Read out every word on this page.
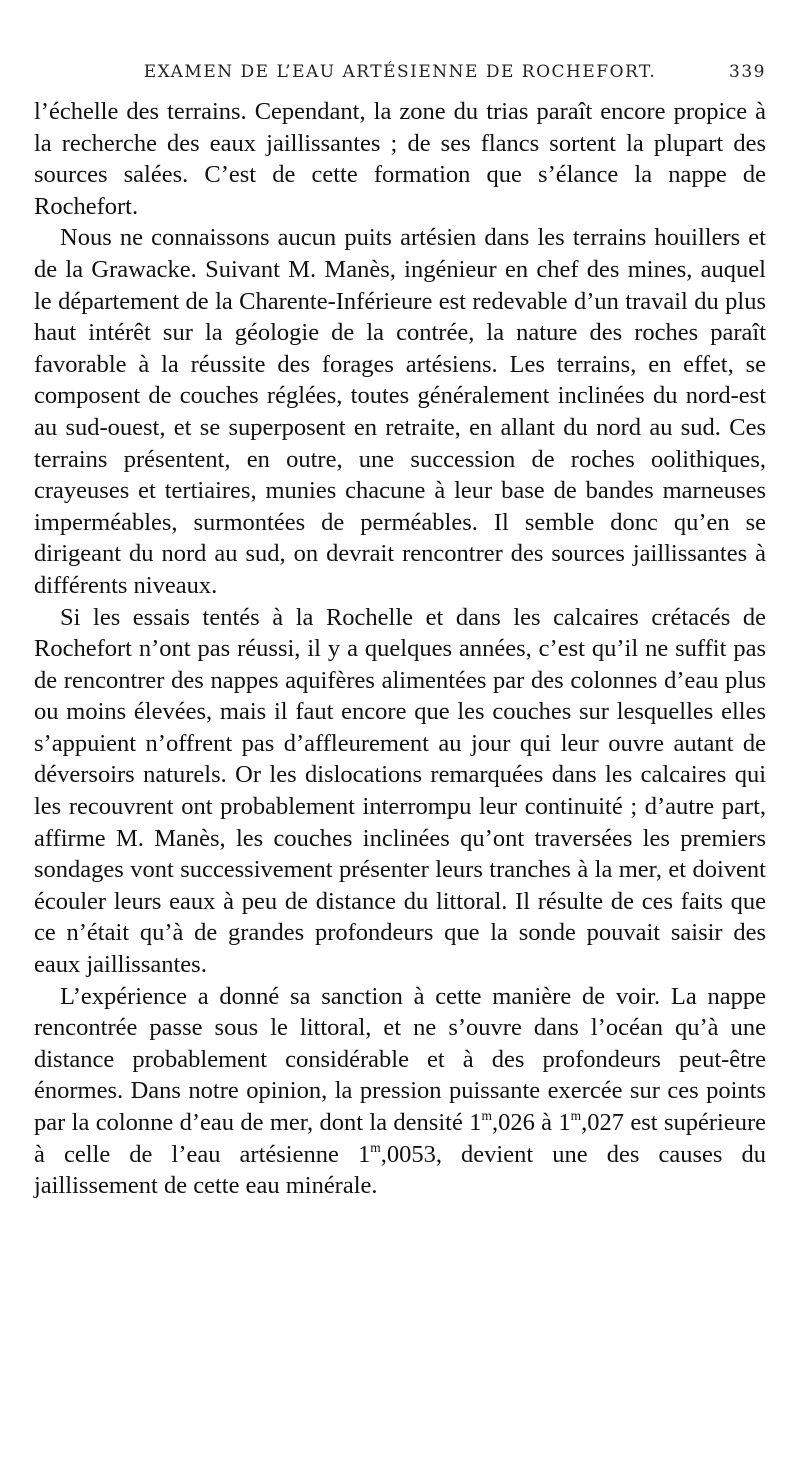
EXAMEN DE L’EAU ARTÉSIENNE DE ROCHEFORT.	339

l’échelle des terrains. Cependant, la zone du trias paraît encore propice à la recherche des eaux jaillissantes ; de ses flancs sortent la plupart des sources salées. C’est de cette formation que s’élance la nappe de Rochefort.

Nous ne connaissons aucun puits artésien dans les terrains houillers et de la Grawacke. Suivant M. Manès, ingénieur en chef des mines, auquel le département de la Charente-Inférieure est redevable d’un travail du plus haut intérêt sur la géologie de la contrée, la nature des roches paraît favorable à la réussite des forages artésiens. Les terrains, en effet, se composent de couches réglées, toutes généralement inclinées du nord-est au sud-ouest, et se superposent en retraite, en allant du nord au sud. Ces terrains présentent, en outre, une succession de roches oolithiques, crayeuses et tertiaires, munies chacune à leur base de bandes marneuses imperméables, surmontées de perméables. Il semble donc qu’en se dirigeant du nord au sud, on devrait rencontrer des sources jaillissantes à différents niveaux.

Si les essais tentés à la Rochelle et dans les calcaires crétacés de Rochefort n’ont pas réussi, il y a quelques années, c’est qu’il ne suffit pas de rencontrer des nappes aquifères alimentées par des colonnes d’eau plus ou moins élevées, mais il faut encore que les couches sur lesquelles elles s’appuient n’offrent pas d’affleurement au jour qui leur ouvre autant de déversoirs naturels. Or les dislocations remarquées dans les calcaires qui les recouvrent ont probablement interrompu leur continuité ; d’autre part, affirme M. Manès, les couches inclinées qu’ont traversées les premiers sondages vont successivement présenter leurs tranches à la mer, et doivent écouler leurs eaux à peu de distance du littoral. Il résulte de ces faits que ce n’était qu’à de grandes profondeurs que la sonde pouvait saisir des eaux jaillissantes.

L’expérience a donné sa sanction à cette manière de voir. La nappe rencontrée passe sous le littoral, et ne s’ouvre dans l’océan qu’à une distance probablement considérable et à des profondeurs peut-être énormes. Dans notre opinion, la pression puissante exercée sur ces points par la colonne d’eau de mer, dont la densité 1$^m$,026 à 1$^m$,027 est supérieure à celle de l’eau artésienne 1$^m$,0053, devient une des causes du jaillissement de cette eau minérale.
